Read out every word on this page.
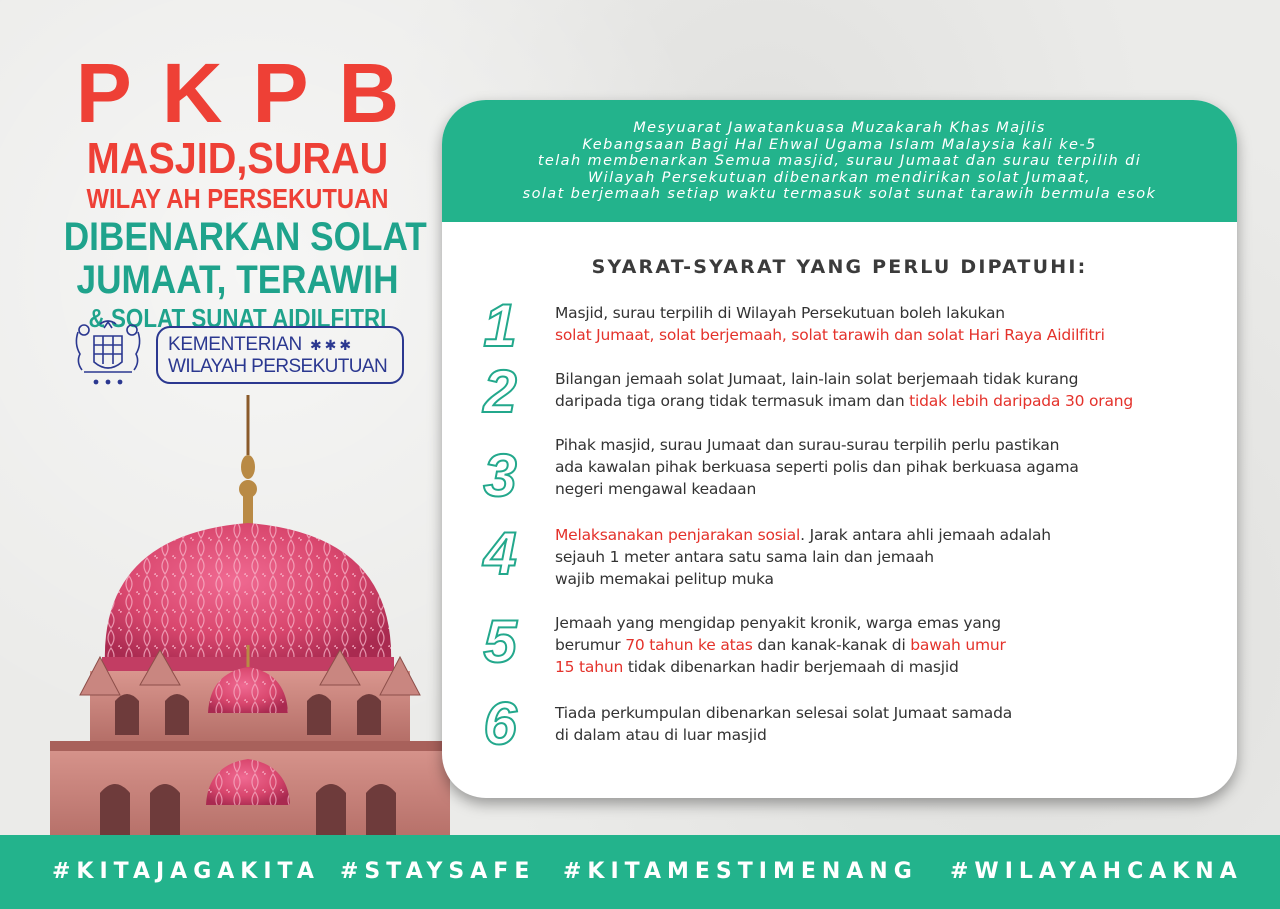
PKPB
MASJID,SURAU
WILAY AH PERSEKUTUAN
DIBENARKAN SOLAT
JUMAAT, TERAWIH
& SOLAT SUNAT AIDILFITRI
KEMENTERIAN ✱✱✱
WILAYAH PERSEKUTUAN
Mesyuarat Jawatankuasa Muzakarah Khas Majlis
Kebangsaan Bagi Hal Ehwal Ugama Islam Malaysia kali ke-5
telah membenarkan Semua masjid, surau Jumaat dan surau terpilih di
Wilayah Persekutuan dibenarkan mendirikan solat Jumaat,
solat berjemaah setiap waktu termasuk solat sunat tarawih bermula esok
SYARAT-SYARAT YANG PERLU DIPATUHI:
1	Masjid, surau terpilih di Wilayah Persekutuan boleh lakukan
solat Jumaat, solat berjemaah, solat tarawih dan solat Hari Raya Aidilfitri
2	Bilangan jemaah solat Jumaat, lain-lain solat berjemaah tidak kurang
daripada tiga orang tidak termasuk imam dan tidak lebih daripada 30 orang
3	Pihak masjid, surau Jumaat dan surau-surau terpilih perlu pastikan
ada kawalan pihak berkuasa seperti polis dan pihak berkuasa agama
negeri mengawal keadaan
4	Melaksanakan penjarakan sosial. Jarak antara ahli jemaah adalah
sejauh 1 meter antara satu sama lain dan jemaah
wajib memakai pelitup muka
5	Jemaah yang mengidap penyakit kronik, warga emas yang
berumur 70 tahun ke atas dan kanak-kanak di bawah umur
15 tahun tidak dibenarkan hadir berjemaah di masjid
6	Tiada perkumpulan dibenarkan selesai solat Jumaat samada
di dalam atau di luar masjid
#KITAJAGAKITA #STAYSAFE #KITAMESTIMENANG #WILAYAHCAKNA
